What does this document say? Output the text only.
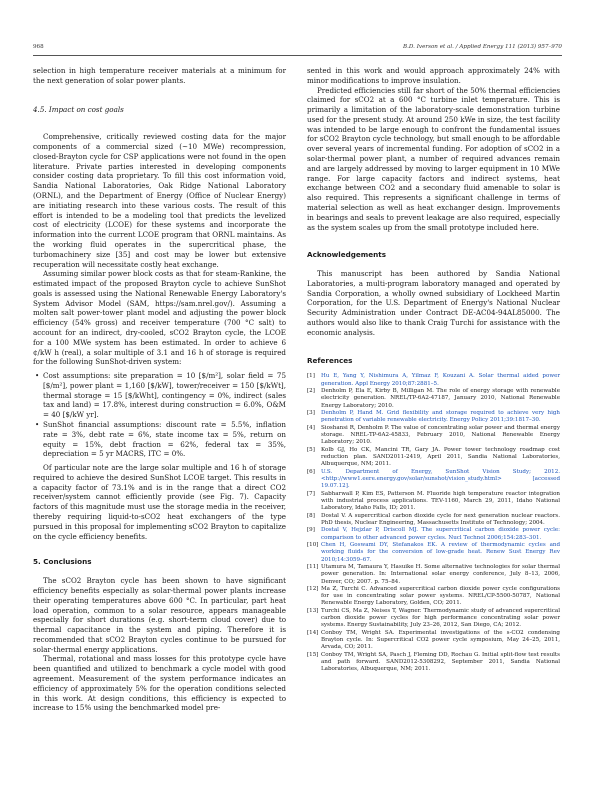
968	B.D. Iverson et al. / Applied Energy 111 (2013) 957–970

selection in high temperature receiver materials at a minimum for the next generation of solar power plants.

4.5. Impact on cost goals

Comprehensive, critically reviewed costing data for the major components of a commercial sized (~10 MWe) recompression, closed-Brayton cycle for CSP applications were not found in the open literature. Private parties interested in developing components consider costing data proprietary. To fill this cost information void, Sandia National Laboratories, Oak Ridge National Laboratory (ORNL), and the Department of Energy (Office of Nuclear Energy) are initiating research into these various costs. The result of this effort is intended to be a modeling tool that predicts the levelized cost of electricity (LCOE) for these systems and incorporate the information into the current LCOE program that ORNL maintains. As the working fluid operates in the supercritical phase, the turbomachinery size [35] and cost may be lower but extensive recuperation will necessitate costly heat exchange.

Assuming similar power block costs as that for steam-Rankine, the estimated impact of the proposed Brayton cycle to achieve SunShot goals is assessed using the National Renewable Energy Laboratory's System Advisor Model (SAM, https://sam.nrel.gov/). Assuming a molten salt power-tower plant model and adjusting the power block efficiency (54% gross) and receiver temperature (700 °C salt) to account for an indirect, dry-cooled, sCO2 Brayton cycle, the LCOE for a 100 MWe system has been estimated. In order to achieve 6 ¢/kW h (real), a solar multiple of 3.1 and 16 h of storage is required for the following SunShot-driven system:

• Cost assumptions: site preparation = 10 [$/m²], solar field = 75 [$/m²], power plant = 1,160 [$/kW], tower/receiver = 150 [$/kWt], thermal storage = 15 [$/kWht], contingency = 0%, indirect (sales tax and land) = 17.8%, interest during construction = 6.0%, O&M = 40 [$/kW yr].
• SunShot financial assumptions: discount rate = 5.5%, inflation rate = 3%, debt rate = 6%, state income tax = 5%, return on equity = 15%, debt fraction = 62%, federal tax = 35%, depreciation = 5 yr MACRS, ITC = 0%.

Of particular note are the large solar multiple and 16 h of storage required to achieve the desired SunShot LCOE target. This results in a capacity factor of 73.1% and is in the range that a direct CO2 receiver/system cannot efficiently provide (see Fig. 7). Capacity factors of this magnitude must use the storage media in the receiver, thereby requiring liquid-to-sCO2 heat exchangers of the type pursued in this proposal for implementing sCO2 Brayton to capitalize on the cycle efficiency benefits.

5. Conclusions

The sCO2 Brayton cycle has been shown to have significant efficiency benefits especially as solar-thermal power plants increase their operating temperatures above 600 °C. In particular, part heat load operation, common to a solar resource, appears manageable especially for short durations (e.g. short-term cloud cover) due to thermal capacitance in the system and piping. Therefore it is recommended that sCO2 Brayton cycles continue to be pursued for solar-thermal energy applications.

Thermal, rotational and mass losses for this prototype cycle have been quantified and utilized to benchmark a cycle model with good agreement. Measurement of the system performance indicates an efficiency of approximately 5% for the operation conditions selected in this work. At design conditions, this efficiency is expected to increase to 15% using the benchmarked model pre-

sented in this work and would approach approximately 24% with minor modifications to improve insulation.

Predicted efficiencies still far short of the 50% thermal efficiencies claimed for sCO2 at a 600 °C turbine inlet temperature. This is primarily a limitation of the laboratory-scale demonstration turbine used for the present study. At around 250 kWe in size, the test facility was intended to be large enough to confront the fundamental issues for sCO2 Brayton cycle technology, but small enough to be affordable over several years of incremental funding. For adoption of sCO2 in a solar-thermal power plant, a number of required advances remain and are largely addressed by moving to larger equipment in 10 MWe range. For large capacity factors and indirect systems, heat exchange between CO2 and a secondary fluid amenable to solar is also required. This represents a significant challenge in terms of material selection as well as heat exchanger design. Improvements in bearings and seals to prevent leakage are also required, especially as the system scales up from the small prototype included here.

Acknowledgements

This manuscript has been authored by Sandia National Laboratories, a multi-program laboratory managed and operated by Sandia Corporation, a wholly owned subsidiary of Lockheed Martin Corporation, for the U.S. Department of Energy's National Nuclear Security Administration under Contract DE-AC04-94AL85000. The authors would also like to thank Craig Turchi for assistance with the economic analysis.

References

[1] Hu E, Yang Y, Nishimura A, Yilmaz F, Kouzani A. Solar thermal aided power generation. Appl Energy 2010;87:2881–5.
[2] Denholm P, Ela E, Kirby B, Milligan M. The role of energy storage with renewable electricity generation. NREL/TP-6A2-47187, January 2010, National Renewable Energy Laboratory; 2010.
[3] Denholm P, Hand M. Grid flexibility and storage required to achieve very high penetration of variable renewable electricity. Energy Policy 2011;39:1817–30.
[4] Sioshansi R, Denholm P. The value of concentrating solar power and thermal energy storage. NREL-TP-6A2-45833, February 2010, National Renewable Energy Laboratory; 2010.
[5] Kolb GJ, Ho CK, Mancini TR, Gary JA. Power tower technology roadmap cost reduction plan. SAND2011-2419, April 2011, Sandia National Laboratories, Albuquerque, NM; 2011.
[6] U.S. Department of Energy, SunShot Vision Study; 2012. <http://www1.eere.energy.gov/solar/sunshot/vision_study.html> [accessed 19.07.12].
[7] Sabharwall P, Kim ES, Patterson M. Fluoride high temperature reactor integration with industrial process applications. TEV-1160, March 29, 2011, Idaho National Laboratory, Idaho Falls, ID; 2011.
[8] Dostal V. A supercritical carbon dioxide cycle for next generation nuclear reactors. PhD thesis, Nuclear Engineering, Massachusetts Institute of Technology; 2004.
[9] Dostal V, Hejzlar P, Driscoll MJ. The supercritical carbon dioxide power cycle: comparison to other advanced power cycles. Nucl Technol 2006;154:283–301.
[10] Chen H, Goswami DY, Stefanakos EK. A review of thermodynamic cycles and working fluids for the conversion of low-grade heat. Renew Sust Energy Rev 2010;14:3059–67.
[11] Utamura M, Tamaura Y, Hasuike H. Some alternative technologies for solar thermal power generation. In: International solar energy conference, July 8–13, 2006, Denver, CO; 2007. p. 75–84.
[12] Ma Z, Turchi C. Advanced supercritical carbon dioxide power cycle configurations for use in concentrating solar power systems. NREL/CP-5500-50787, National Renewable Energy Laboratory, Golden, CO; 2011.
[13] Turchi CS, Ma Z, Neises T, Wagner. Thermodynamic study of advanced supercritical carbon dioxide power cycles for high performance concentrating solar power systems. Energy Sustainability, July 23–26, 2012, San Diego, CA; 2012.
[14] Conboy TM, Wright SA. Experimental investigations of the s-CO2 condensing Brayton cycle. In: Supercritical CO2 power cycle symposium, May 24–25, 2011, Arvada, CO; 2011.
[15] Conboy TM, Wright SA, Pasch J, Fleming DD, Rochau G. Initial split-flow test results and path forward. SAND2012-5308292, September 2011, Sandia National Laboratories, Albuquerque, NM; 2011.
